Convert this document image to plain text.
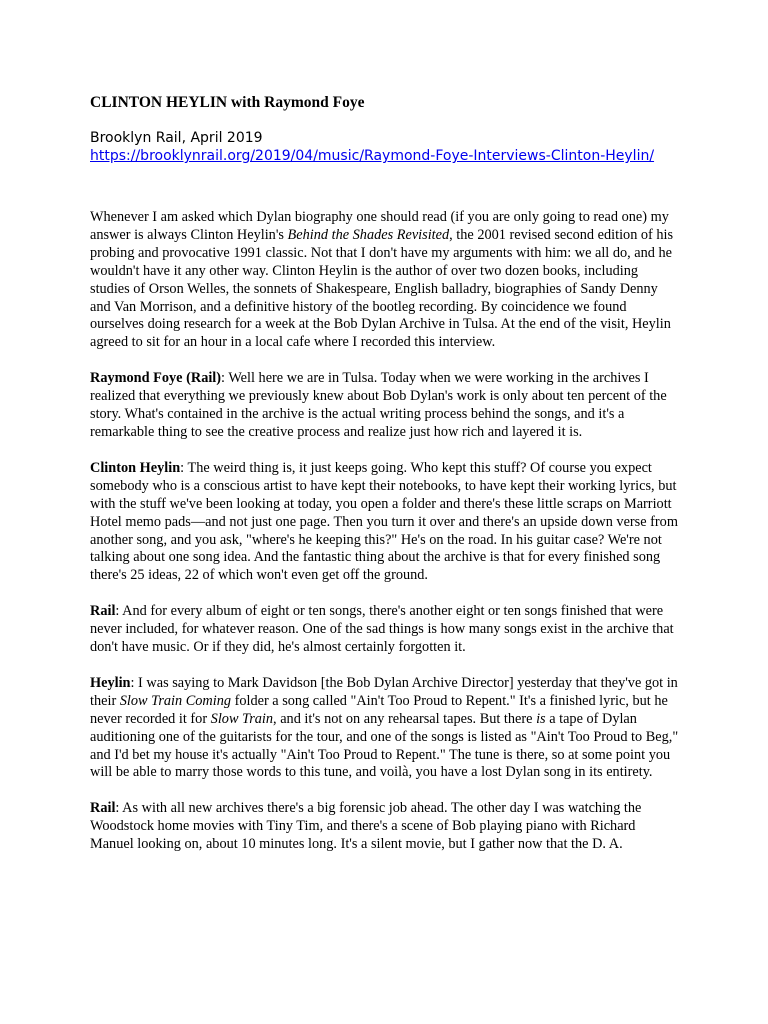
CLINTON HEYLIN with Raymond Foye
Brooklyn Rail, April 2019
https://brooklynrail.org/2019/04/music/Raymond-Foye-Interviews-Clinton-Heylin/

Whenever I am asked which Dylan biography one should read (if you are only going to read one) my answer is always Clinton Heylin's Behind the Shades Revisited, the 2001 revised second edition of his probing and provocative 1991 classic. Not that I don't have my arguments with him: we all do, and he wouldn't have it any other way. Clinton Heylin is the author of over two dozen books, including studies of Orson Welles, the sonnets of Shakespeare, English balladry, biographies of Sandy Denny and Van Morrison, and a definitive history of the bootleg recording. By coincidence we found ourselves doing research for a week at the Bob Dylan Archive in Tulsa. At the end of the visit, Heylin agreed to sit for an hour in a local cafe where I recorded this interview.

Raymond Foye (Rail): Well here we are in Tulsa. Today when we were working in the archives I realized that everything we previously knew about Bob Dylan's work is only about ten percent of the story. What's contained in the archive is the actual writing process behind the songs, and it's a remarkable thing to see the creative process and realize just how rich and layered it is.

Clinton Heylin: The weird thing is, it just keeps going. Who kept this stuff? Of course you expect somebody who is a conscious artist to have kept their notebooks, to have kept their working lyrics, but with the stuff we've been looking at today, you open a folder and there's these little scraps on Marriott Hotel memo pads—and not just one page. Then you turn it over and there's an upside down verse from another song, and you ask, "where's he keeping this?" He's on the road. In his guitar case? We're not talking about one song idea. And the fantastic thing about the archive is that for every finished song there's 25 ideas, 22 of which won't even get off the ground.

Rail: And for every album of eight or ten songs, there's another eight or ten songs finished that were never included, for whatever reason. One of the sad things is how many songs exist in the archive that don't have music. Or if they did, he's almost certainly forgotten it.

Heylin: I was saying to Mark Davidson [the Bob Dylan Archive Director] yesterday that they've got in their Slow Train Coming folder a song called "Ain't Too Proud to Repent." It's a finished lyric, but he never recorded it for Slow Train, and it's not on any rehearsal tapes. But there is a tape of Dylan auditioning one of the guitarists for the tour, and one of the songs is listed as "Ain't Too Proud to Beg," and I'd bet my house it's actually "Ain't Too Proud to Repent." The tune is there, so at some point you will be able to marry those words to this tune, and voilà, you have a lost Dylan song in its entirety.

Rail: As with all new archives there's a big forensic job ahead. The other day I was watching the Woodstock home movies with Tiny Tim, and there's a scene of Bob playing piano with Richard Manuel looking on, about 10 minutes long. It's a silent movie, but I gather now that the D. A.
